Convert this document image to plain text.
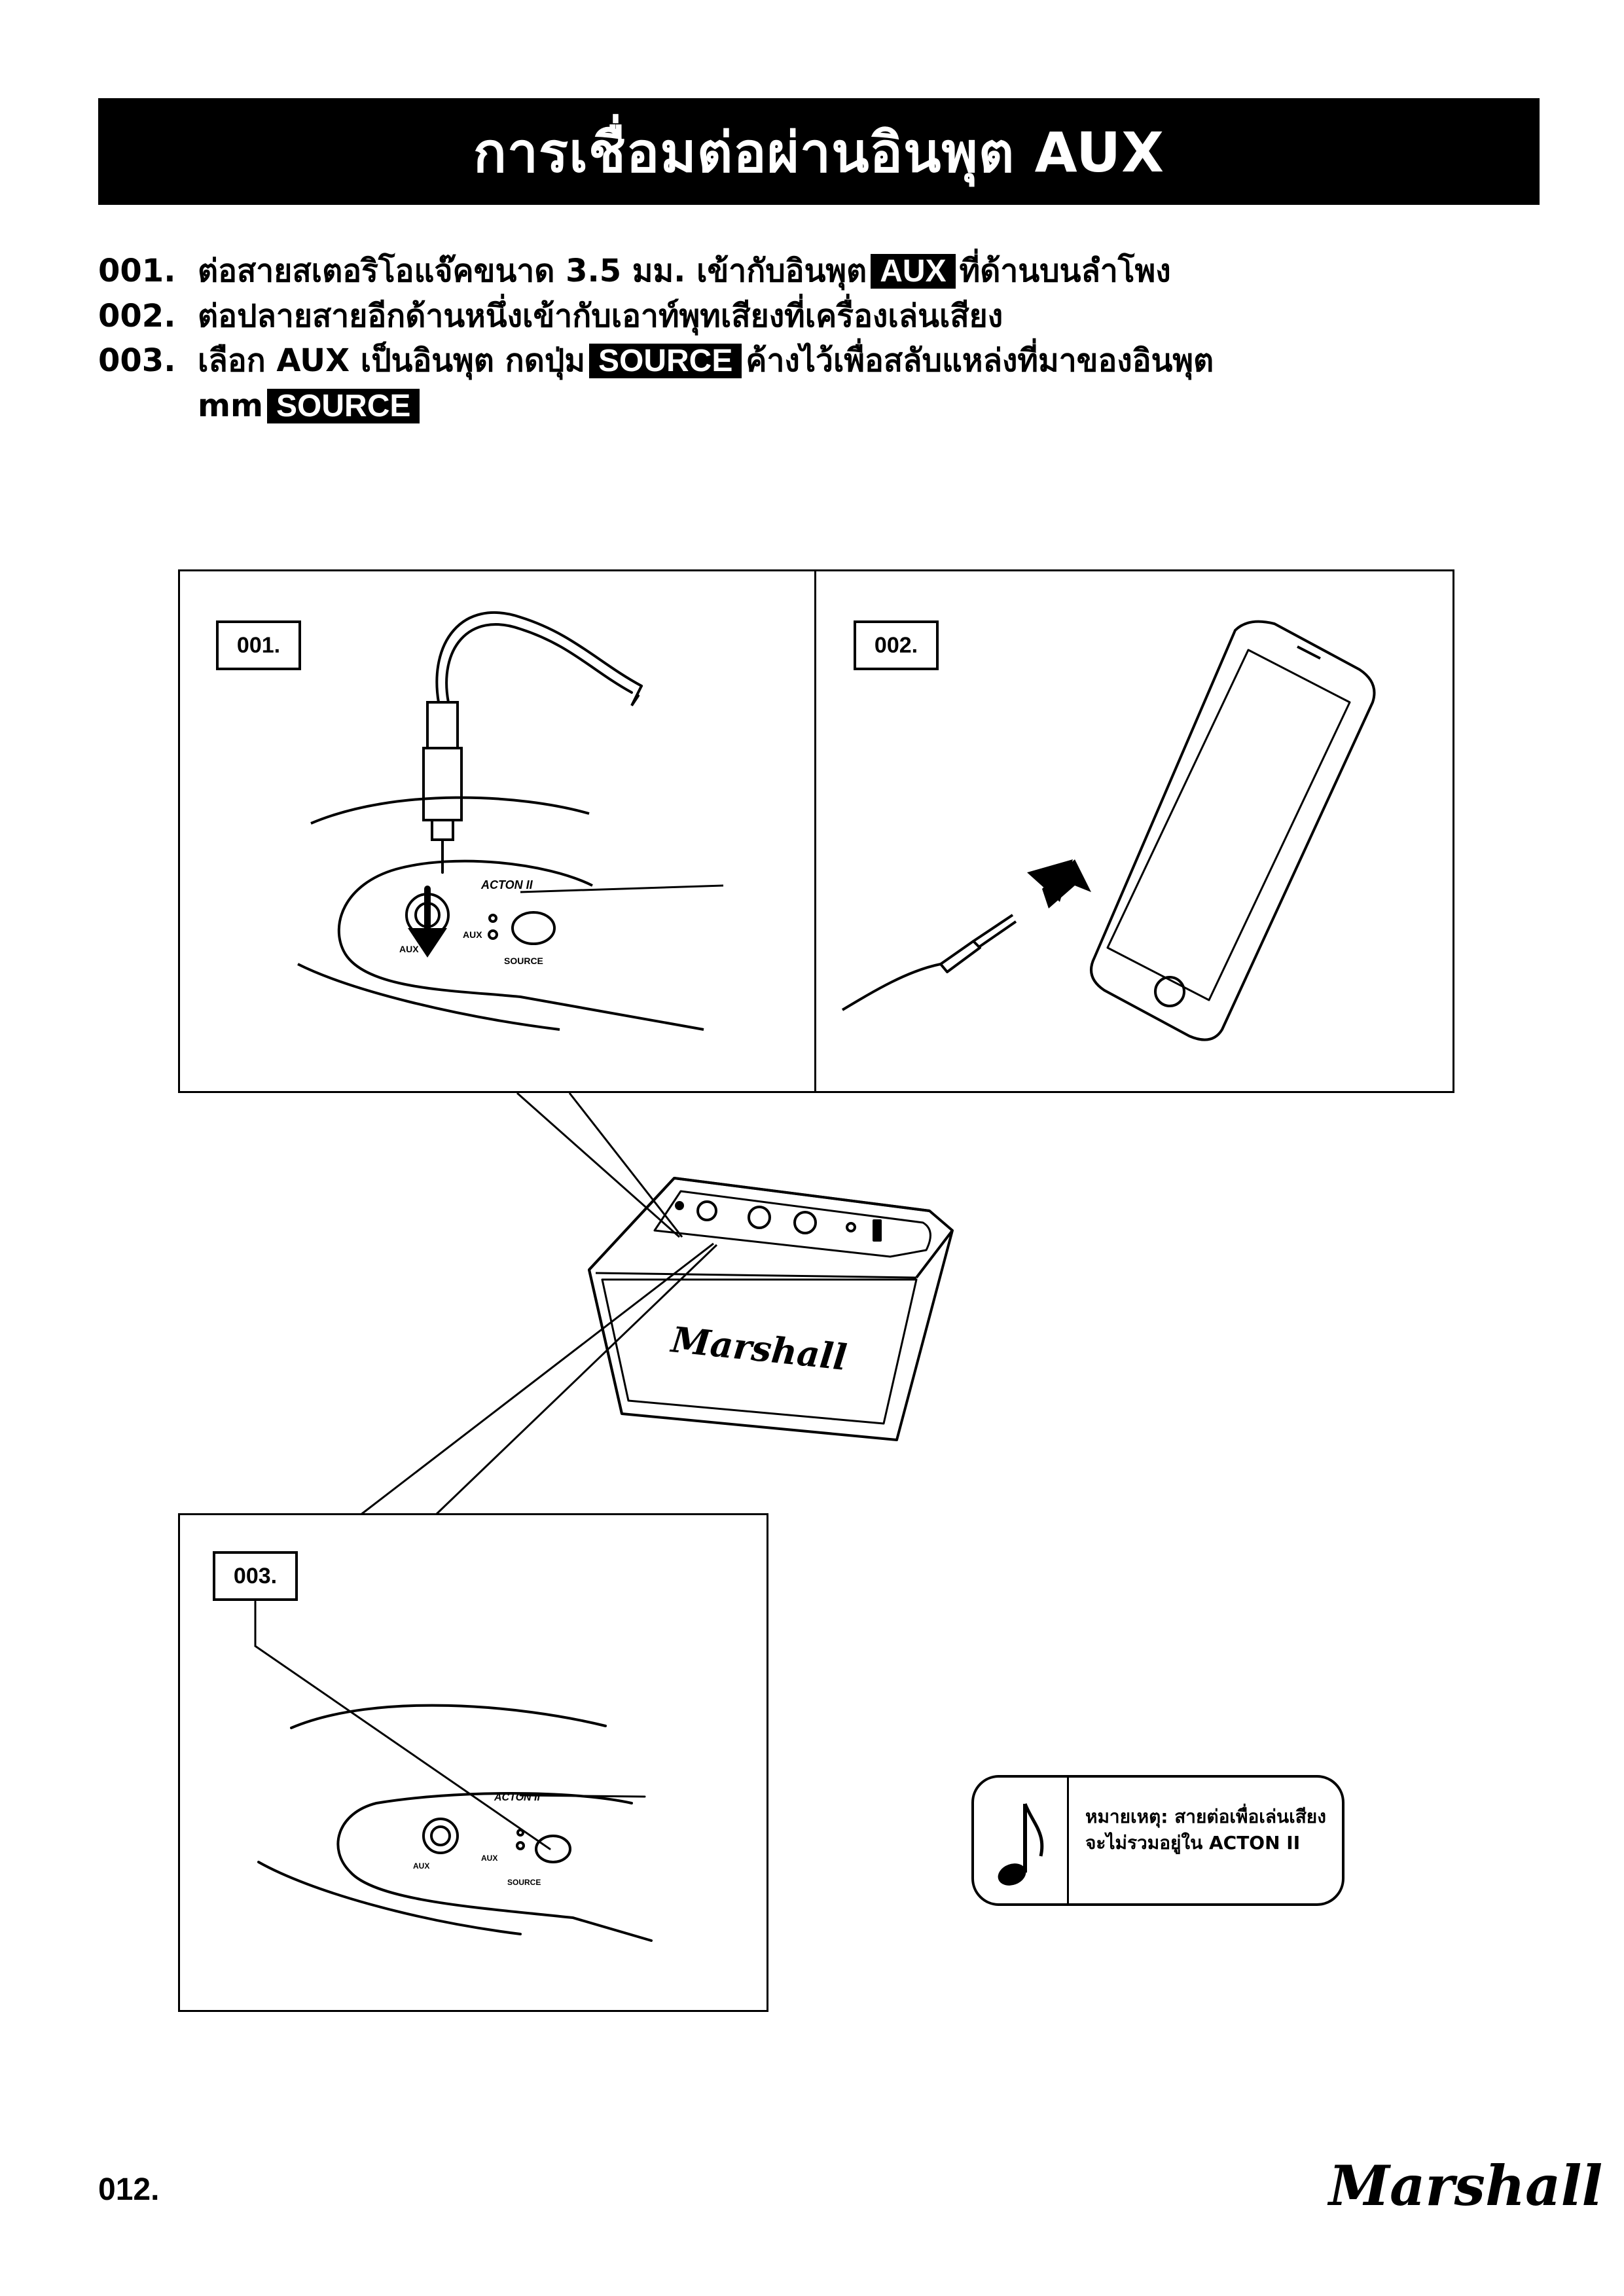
การเชื่อมต่อผ่านอินพุต AUX
001. ต่อสายสเตอริโอแจ๊คขนาด 3.5 มม. เข้ากับอินพุต AUX ที่ด้านบนลำโพง
002. ต่อปลายสายอีกด้านหนึ่งเข้ากับเอาท์พุทเสียงที่เครื่องเล่นเสียง
003. เลือก AUX เป็นอินพุต กดปุ่ม SOURCE ค้างไว้เพื่อสลับแหล่งที่มาของอินพุต
mm SOURCE
001.
ACTON II
AUX
AUX
SOURCE
002.
Marshall
003.
ACTON II
AUX
AUX
SOURCE
หมายเหตุ: สายต่อเพื่อเล่นเสียงจะไม่รวมอยู่ใน ACTON II
012.	Marshall
